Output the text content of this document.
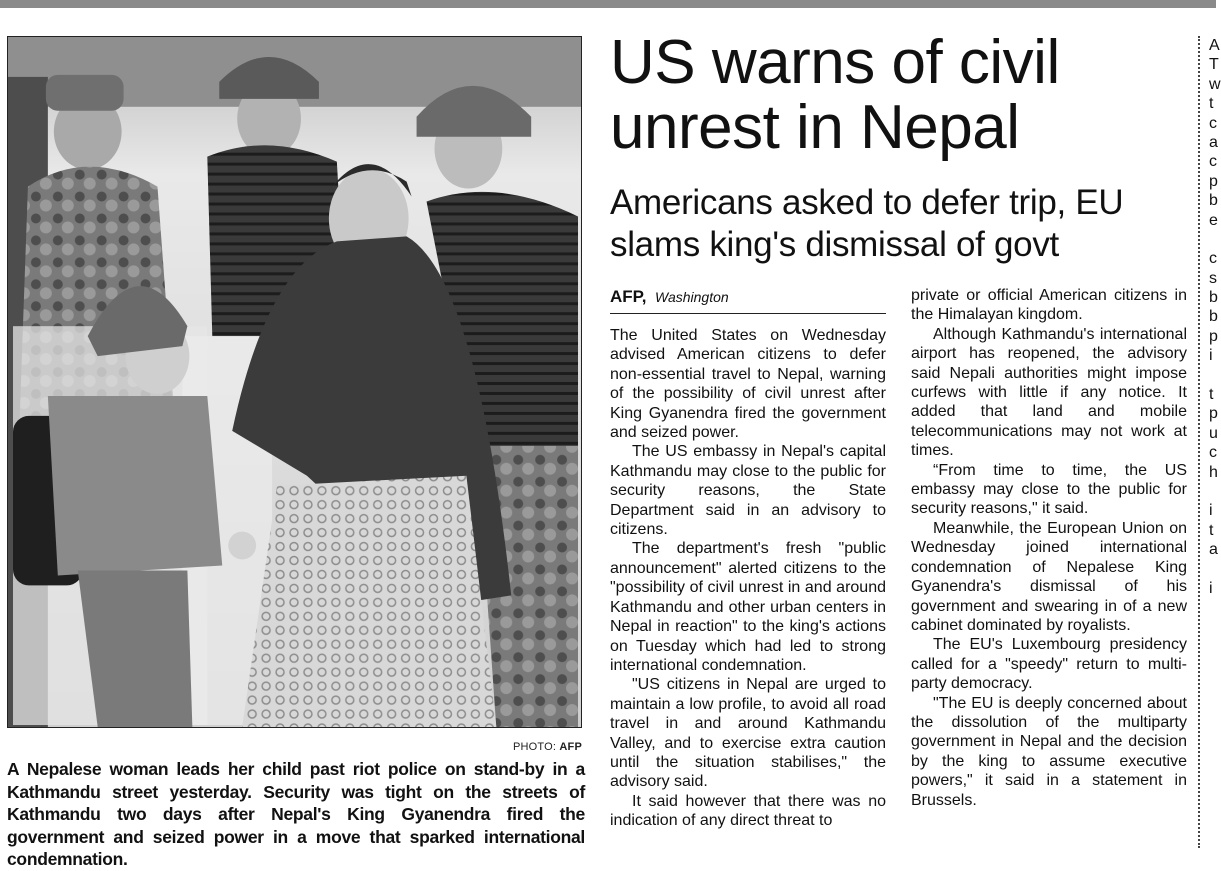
PHOTO: AFP
A Nepalese woman leads her child past riot police on stand-by in a Kathmandu street yesterday. Security was tight on the streets of Kathmandu two days after Nepal's King Gyanendra fired the government and seized power in a move that sparked international condemnation.
US warns of civil unrest in Nepal
Americans asked to defer trip, EU slams king's dismissal of govt
AFP, Washington

The United States on Wednesday advised American citizens to defer non-essential travel to Nepal, warning of the possibility of civil unrest after King Gyanendra fired the government and seized power.

The US embassy in Nepal's capital Kathmandu may close to the public for security reasons, the State Department said in an advisory to citizens.

The department's fresh "public announcement" alerted citizens to the "possibility of civil unrest in and around Kathmandu and other urban centers in Nepal in reaction" to the king's actions on Tuesday which had led to strong international condemnation.

"US citizens in Nepal are urged to maintain a low profile, to avoid all road travel in and around Kathmandu Valley, and to exercise extra caution until the situation stabilises," the advisory said.

It said however that there was no indication of any direct threat to

private or official American citizens in the Himalayan kingdom.

Although Kathmandu's international airport has reopened, the advisory said Nepali authorities might impose curfews with little if any notice. It added that land and mobile telecommunications may not work at times.

“From time to time, the US embassy may close to the public for security reasons," it said.

Meanwhile, the European Union on Wednesday joined international condemnation of Nepalese King Gyanendra's dismissal of his government and swearing in of a new cabinet dominated by royalists.

The EU's Luxembourg presidency called for a "speedy" return to multi-party democracy.

"The EU is deeply concerned about the dissolution of the multiparty government in Nepal and the decision by the king to assume executive powers," it said in a statement in Brussels.

A
T
w
t
c
a
c
p
b
e
c
s
b
b
p
i
t
p
u
c
h
i
t
a
i
